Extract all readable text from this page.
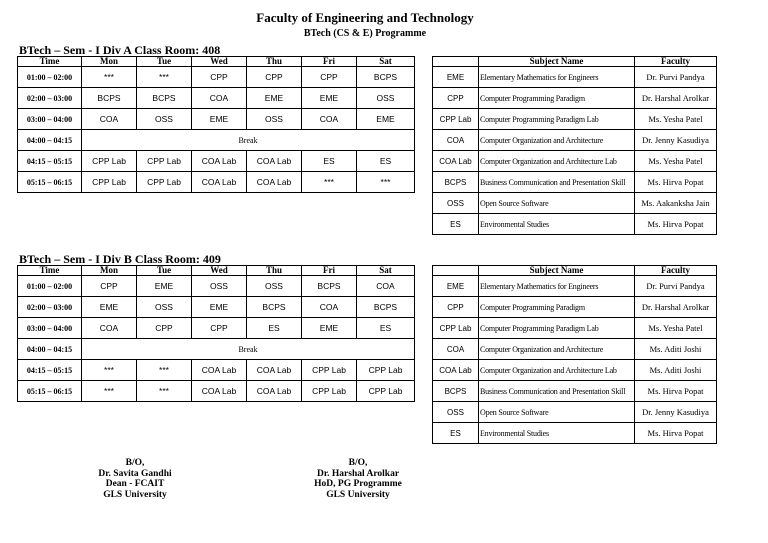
Faculty of Engineering and Technology
BTech (CS & E) Programme
BTech – Sem - I Div A Class Room: 408
Time	Mon	Tue	Wed	Thu	Fri	Sat
01:00 – 02:00	***	***	CPP	CPP	CPP	BCPS
02:00 – 03:00	BCPS	BCPS	COA	EME	EME	OSS
03:00 – 04:00	COA	OSS	EME	OSS	COA	EME
04:00 – 04:15	Break					
04:15 – 05:15	CPP Lab	CPP Lab	COA Lab	COA Lab	ES	ES
05:15 – 06:15	CPP Lab	CPP Lab	COA Lab	COA Lab	***	***
	Subject Name	Faculty
EME	Elementary Mathematics for Engineers	Dr. Purvi Pandya
CPP	Computer Programming Paradigm	Dr. Harshal Arolkar
CPP Lab	Computer Programming Paradigm Lab	Ms. Yesha Patel
COA	Computer Organization and Architecture	Dr. Jenny Kasudiya
COA Lab	Computer Organization and Architecture Lab	Ms. Yesha Patel
BCPS	Business Communication and Presentation Skill	Ms. Hirva Popat
OSS	Open Source Software	Ms. Aakanksha Jain
ES	Environmental Studies	Ms. Hirva Popat
BTech – Sem - I Div B Class Room: 409
Time	Mon	Tue	Wed	Thu	Fri	Sat
01:00 – 02:00	CPP	EME	OSS	OSS	BCPS	COA
02:00 – 03:00	EME	OSS	EME	BCPS	COA	BCPS
03:00 – 04:00	COA	CPP	CPP	ES	EME	ES
04:00 – 04:15	Break					
04:15 – 05:15	***	***	COA Lab	COA Lab	CPP Lab	CPP Lab
05:15 – 06:15	***	***	COA Lab	COA Lab	CPP Lab	CPP Lab
	Subject Name	Faculty
EME	Elementary Mathematics for Engineers	Dr. Purvi Pandya
CPP	Computer Programming Paradigm	Dr. Harshal Arolkar
CPP Lab	Computer Programming Paradigm Lab	Ms. Yesha Patel
COA	Computer Organization and Architecture	Ms. Aditi Joshi
COA Lab	Computer Organization and Architecture Lab	Ms. Aditi Joshi
BCPS	Business Communication and Presentation Skill	Ms. Hirva Popat
OSS	Open Source Software	Dr. Jenny Kasudiya
ES	Environmental Studies	Ms. Hirva Popat
B/O,
Dr. Savita Gandhi
Dean - FCAIT
GLS University
B/O,
Dr. Harshal Arolkar
HoD, PG Programme
GLS University
